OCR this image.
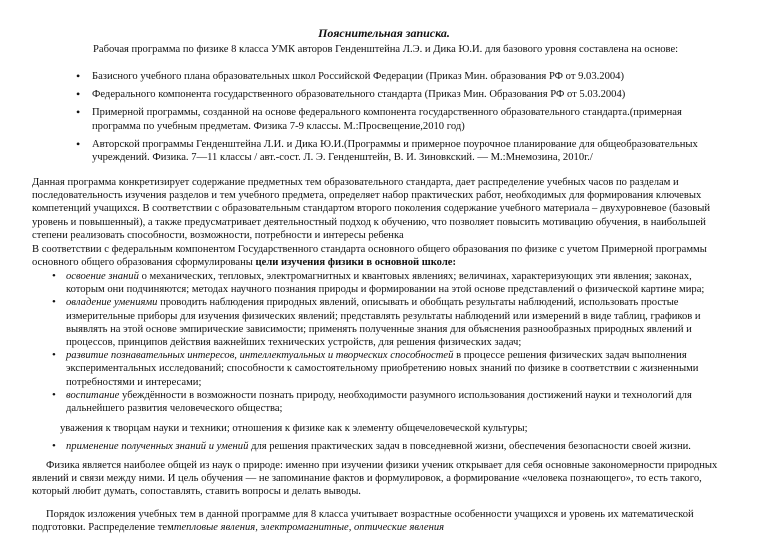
Пояснительная записка.
Рабочая программа по физике 8 класса УМК авторов Генденштейна Л.Э. и Дика Ю.И. для базового уровня составлена на основе:
• Базисного учебного плана образовательных школ Российской Федерации (Приказ Мин. образования РФ от 9.03.2004)
• Федерального компонента государственного образовательного стандарта (Приказ Мин. Образования РФ от 5.03.2004)
• Примерной программы, созданной на основе федерального компонента государственного образовательного стандарта.(примерная программа по учебным предметам. Физика 7-9 классы. М.:Просвещение,2010 год)
• Авторской программы Генденштейна Л.И. и Дика Ю.И.(Программы и примерное поурочное планирование для общеобразовательных учреждений. Физика. 7—11 классы / авт.-сост. Л. Э. Генденштейн, В. И. Зиновкский. — М.:Мнемозина, 2010г./
Данная программа конкретизирует содержание предметных тем образовательного стандарта, дает распределение учебных часов по разделам и последовательность изучения разделов и тем учебного предмета, определяет набор практических работ, необходимых для формирования ключевых компетенций учащихся. В соответствии с образовательным стандартом второго поколения содержание учебного материала – двухуровневое (базовый уровень и повышенный), а также предусматривает деятельностный подход к обучению, что позволяет повысить мотивацию обучения, в наибольшей степени реализовать способности, возможности, потребности и интересы ребенка
В соответствии с федеральным компонентом Государственного стандарта основного общего образования по физике с учетом Примерной программы основного общего образования сформулированы цели изучения физики в основной школе:
• освоение знаний о механических, тепловых, электромагнитных и квантовых явлениях; величинах, характеризующих эти явления; законах, которым они подчиняются; методах научного познания природы и формировании на этой основе представлений о физической картине мира;
• овладение умениями проводить наблюдения природных явлений, описывать и обобщать результаты наблюдений, использовать простые измерительные приборы для изучения физических явлений; представлять результаты наблюдений или измерений в виде таблиц, графиков и выявлять на этой основе эмпирические зависимости; применять полученные знания для объяснения разнообразных природных явлений и процессов, принципов действия важнейших технических устройств, для решения физических задач;
• развитие познавательных интересов, интеллектуальных и творческих способностей в процессе решения физических задач выполнения экспериментальных исследований; способности к самостоятельному приобретению новых знаний по физике в соответствии с жизненными потребностями и интересами;
• воспитание убеждённости в возможности познать природу, необходимости разумного использования достижений науки и технологий для дальнейшего развития человеческого общества;
уважения к творцам науки и техники; отношения к физике как к элементу общечеловеческой культуры;
• применение полученных знаний и умений для решения практических задач в повседневной жизни, обеспечения безопасности своей жизни.
Физика является наиболее общей из наук о природе: именно при изучении физики ученик открывает для себя основные закономерности природных явлений и связи между ними. И цель обучения — не запоминание фактов и формулировок, а формирование «человека познающего», то есть такого, который любит думать, сопоставлять, ставить вопросы и делать выводы.
Порядок изложения учебных тем в данной программе для 8 класса учитывает возрастные особенности учащихся и уровень их математической подготовки. Распределение темтепловые явления, электромагнитные, оптические явления
